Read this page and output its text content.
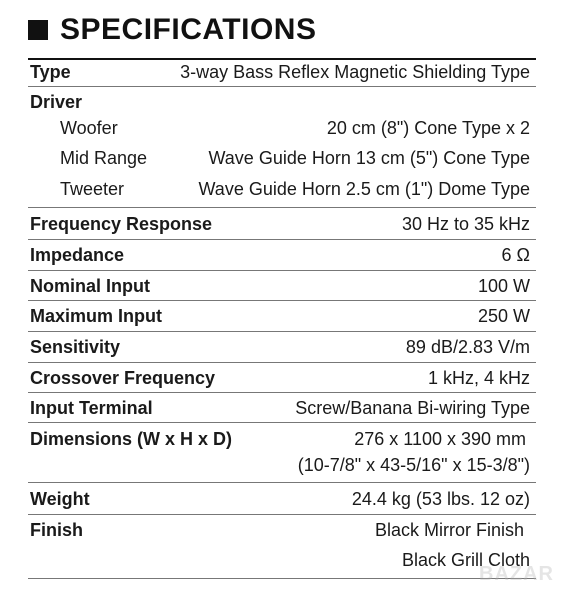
SPECIFICATIONS
Type	3-way Bass Reflex Magnetic Shielding Type
Driver
Woofer	20 cm (8") Cone Type x 2
Mid Range	Wave Guide Horn 13 cm (5") Cone Type
Tweeter	Wave Guide Horn 2.5 cm (1") Dome Type
Frequency Response	30 Hz to 35 kHz
Impedance	6 Ω
Nominal Input	100 W
Maximum Input	250 W
Sensitivity	89 dB/2.83 V/m
Crossover Frequency	1 kHz, 4 kHz
Input Terminal	Screw/Banana Bi-wiring Type
Dimensions (W x H x D)	276 x 1100 x 390 mm
(10-7/8" x 43-5/16" x 15-3/8")
Weight	24.4 kg (53 lbs. 12 oz)
Finish	Black Mirror Finish
Black Grill Cloth
BAZAR
